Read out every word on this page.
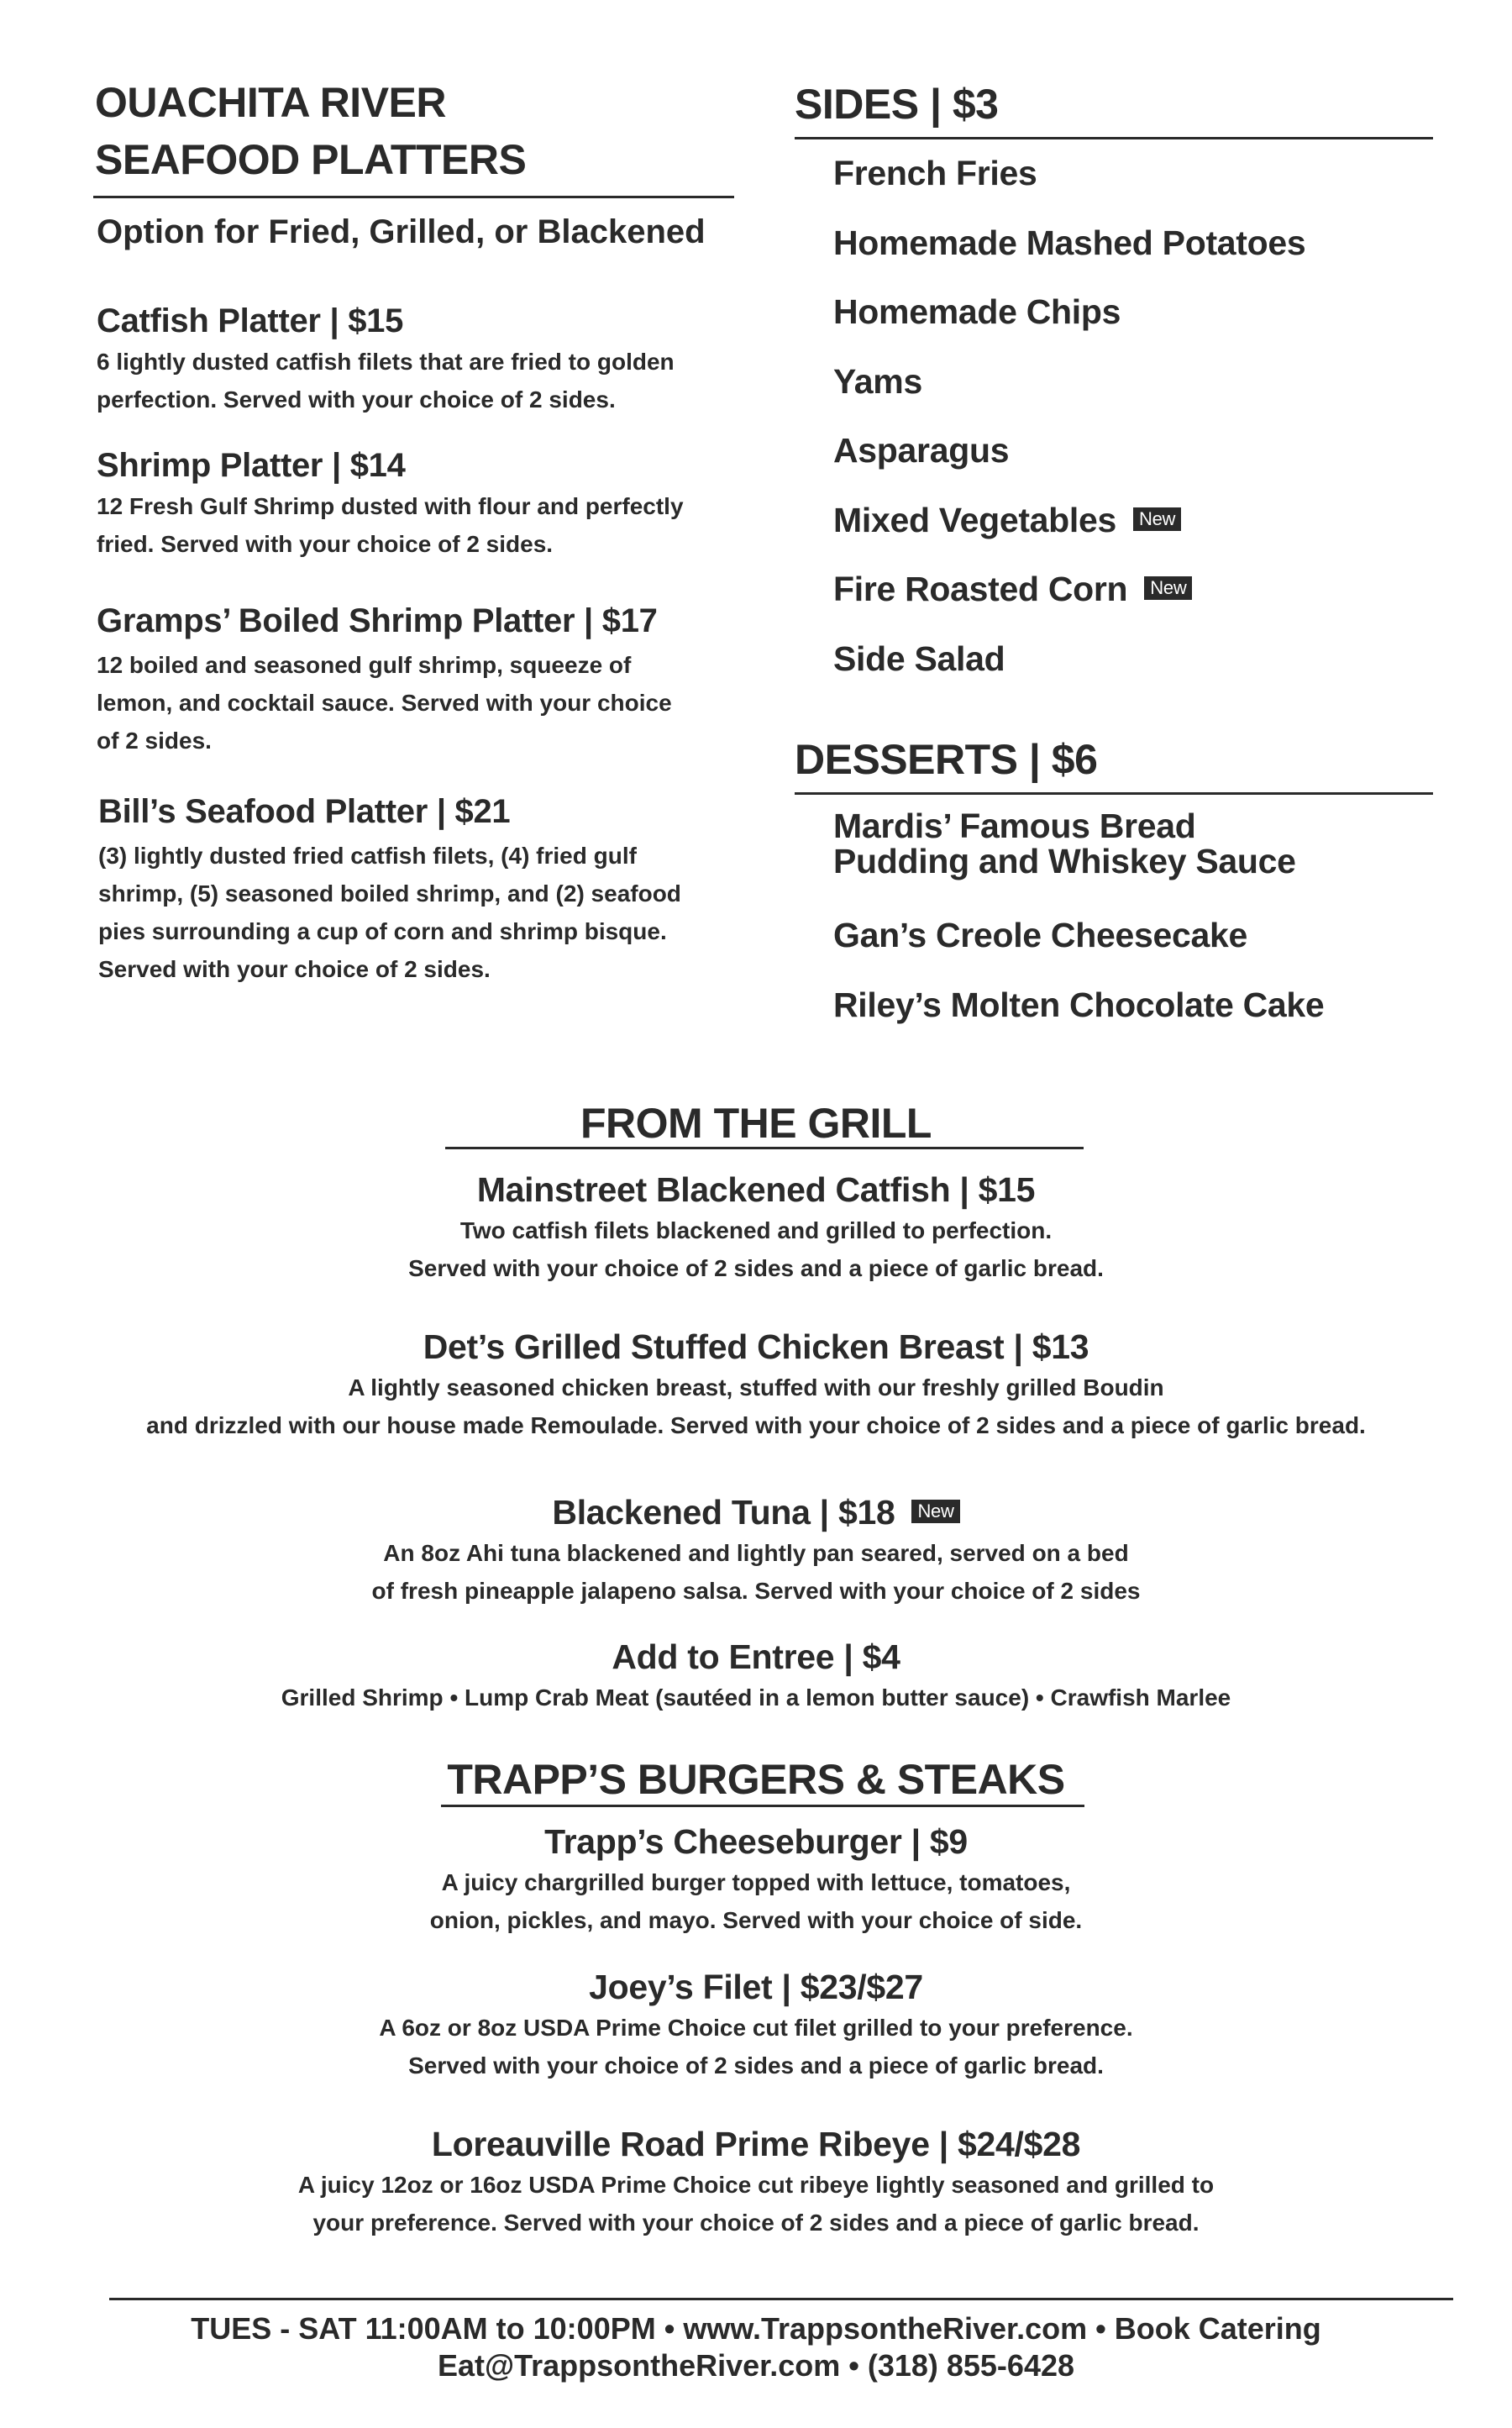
OUACHITA RIVER
SEAFOOD PLATTERS
Option for Fried, Grilled, or Blackened
Catfish Platter | $15
6 lightly dusted catfish filets that are fried to golden
perfection. Served with your choice of 2 sides.
Shrimp Platter | $14
12 Fresh Gulf Shrimp dusted with flour and perfectly
fried. Served with your choice of 2 sides.
Gramps’ Boiled Shrimp Platter | $17
12 boiled and seasoned gulf shrimp, squeeze of
lemon, and cocktail sauce. Served with your choice
of 2 sides.
Bill’s Seafood Platter | $21
(3) lightly dusted fried catfish filets, (4) fried gulf
shrimp, (5) seasoned boiled shrimp, and (2) seafood
pies surrounding a cup of corn and shrimp bisque.
Served with your choice of 2 sides.
SIDES | $3
French Fries
Homemade Mashed Potatoes
Homemade Chips
Yams
Asparagus
Mixed Vegetables New
Fire Roasted Corn New
Side Salad
DESSERTS | $6
Mardis’ Famous Bread
Pudding and Whiskey Sauce
Gan’s Creole Cheesecake
Riley’s Molten Chocolate Cake
FROM THE GRILL
Mainstreet Blackened Catfish | $15
Two catfish filets blackened and grilled to perfection.
Served with your choice of 2 sides and a piece of garlic bread.
Det’s Grilled Stuffed Chicken Breast | $13
A lightly seasoned chicken breast, stuffed with our freshly grilled Boudin
and drizzled with our house made Remoulade. Served with your choice of 2 sides and a piece of garlic bread.
Blackened Tuna | $18 New
An 8oz Ahi tuna blackened and lightly pan seared, served on a bed
of fresh pineapple jalapeno salsa. Served with your choice of 2 sides
Add to Entree | $4
Grilled Shrimp • Lump Crab Meat (sautéed in a lemon butter sauce) • Crawfish Marlee
TRAPP’S BURGERS & STEAKS
Trapp’s Cheeseburger | $9
A juicy chargrilled burger topped with lettuce, tomatoes,
onion, pickles, and mayo. Served with your choice of side.
Joey’s Filet | $23/$27
A 6oz or 8oz USDA Prime Choice cut filet grilled to your preference.
Served with your choice of 2 sides and a piece of garlic bread.
Loreauville Road Prime Ribeye | $24/$28
A juicy 12oz or 16oz USDA Prime Choice cut ribeye lightly seasoned and grilled to
your preference. Served with your choice of 2 sides and a piece of garlic bread.
TUES - SAT 11:00AM to 10:00PM • www.TrappsontheRiver.com • Book Catering
Eat@TrappsontheRiver.com • (318) 855-6428
